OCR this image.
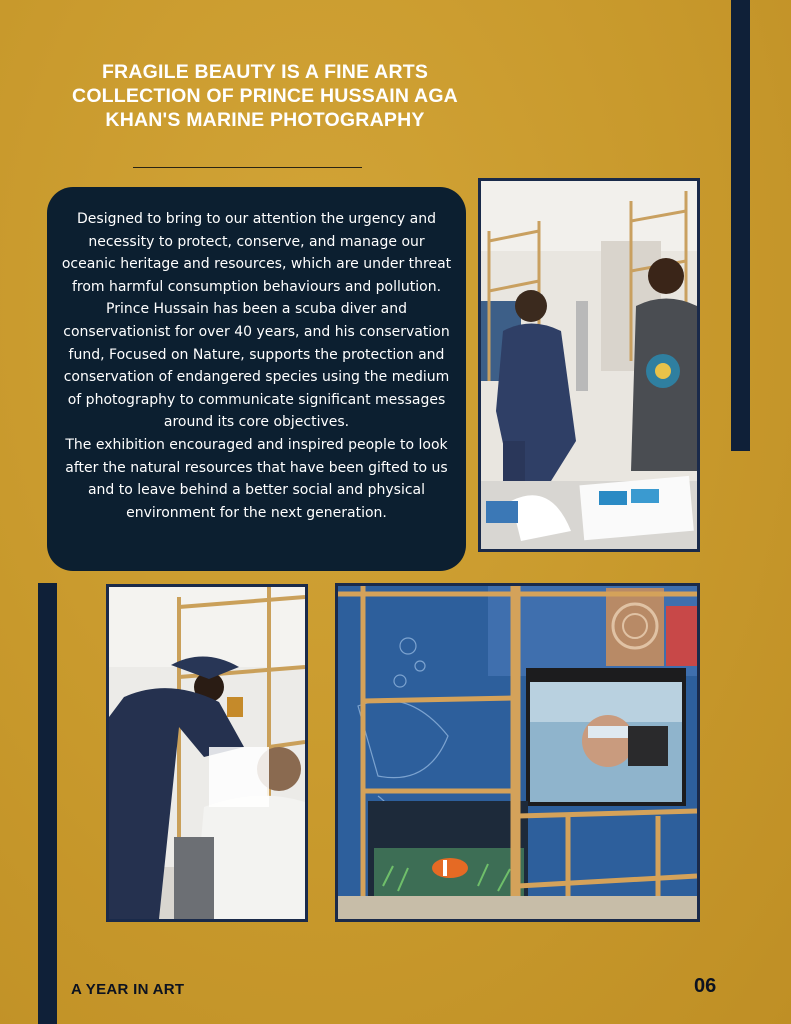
FRAGILE BEAUTY IS A FINE ARTS COLLECTION OF PRINCE HUSSAIN AGA KHAN'S MARINE PHOTOGRAPHY

Designed to bring to our attention the urgency and necessity to protect, conserve, and manage our oceanic heritage and resources, which are under threat from harmful consumption behaviours and pollution.

Prince Hussain has been a scuba diver and conservationist for over 40 years, and his conservation fund, Focused on Nature, supports the protection and conservation of endangered species using the medium of photography to communicate significant messages around its core objectives.

The exhibition encouraged and inspired people to look after the natural resources that have been gifted to us and to leave behind a better social and physical environment for the next generation.

A YEAR IN ART	06
